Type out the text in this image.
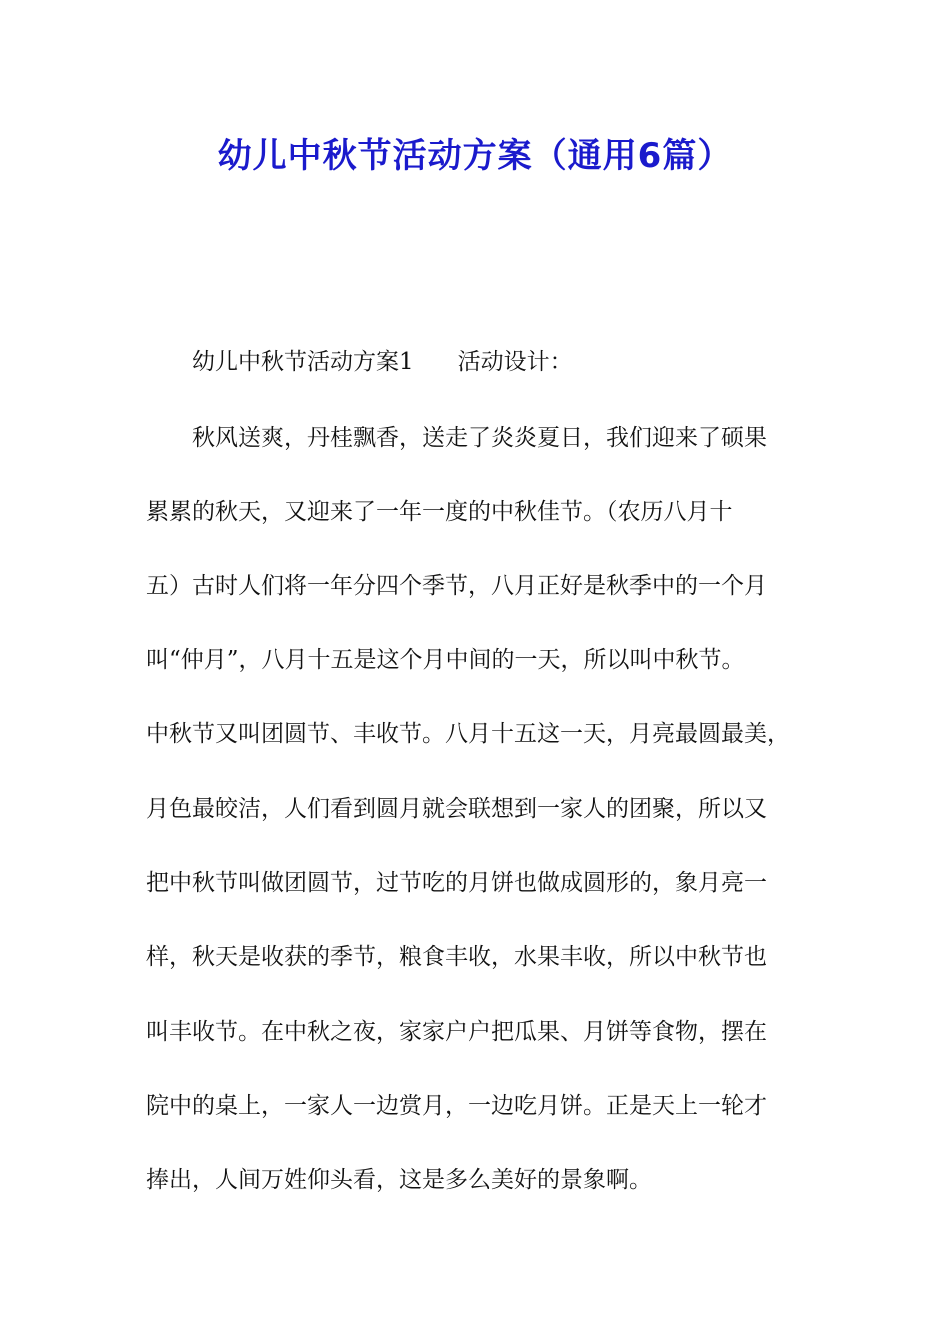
幼儿中秋节活动方案（通用6篇）
幼儿中秋节活动方案1 活动设计：
秋风送爽，丹桂飘香，送走了炎炎夏日，我们迎来了硕果
累累的秋天，又迎来了一年一度的中秋佳节。（农历八月十
五）古时人们将一年分四个季节，八月正好是秋季中的一个月
叫“仲月”，八月十五是这个月中间的一天，所以叫中秋节。
中秋节又叫团圆节、丰收节。八月十五这一天，月亮最圆最美，
月色最皎洁，人们看到圆月就会联想到一家人的团聚，所以又
把中秋节叫做团圆节，过节吃的月饼也做成圆形的，象月亮一
样，秋天是收获的季节，粮食丰收，水果丰收，所以中秋节也
叫丰收节。在中秋之夜，家家户户把瓜果、月饼等食物，摆在
院中的桌上，一家人一边赏月，一边吃月饼。正是天上一轮才
捧出，人间万姓仰头看，这是多么美好的景象啊。
